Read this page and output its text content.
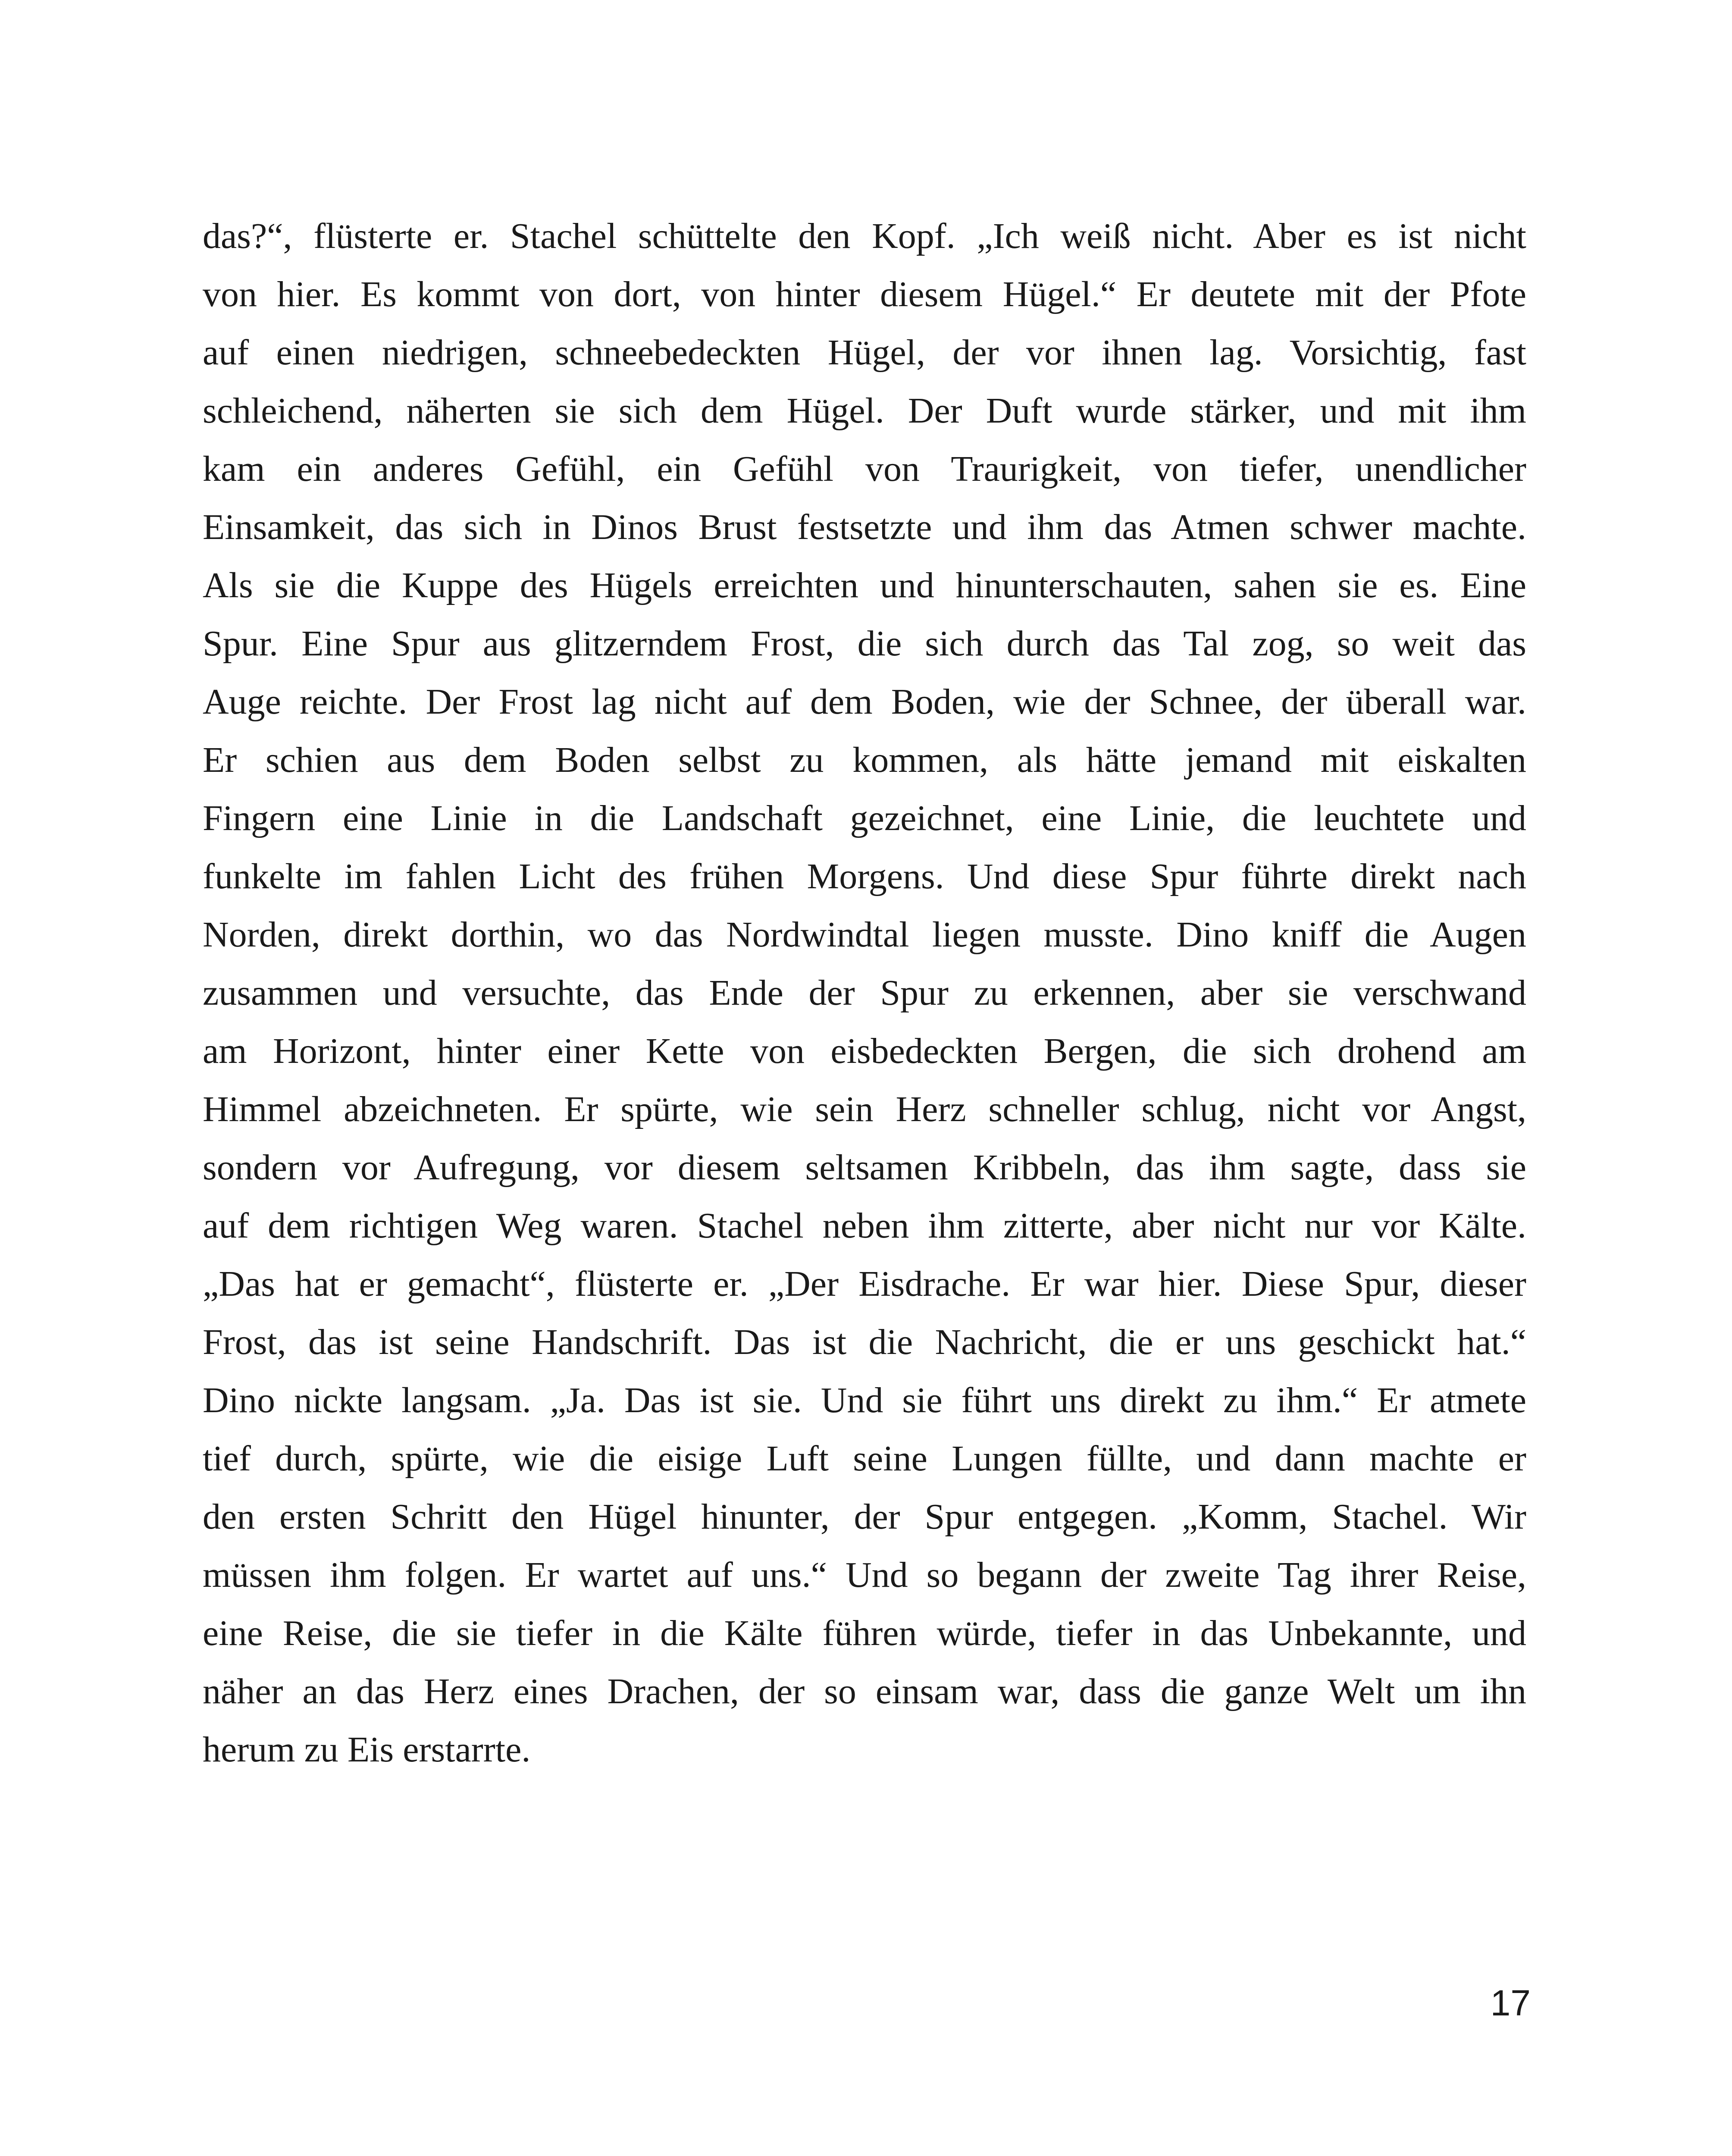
das?“, flüsterte er. Stachel schüttelte den Kopf. „Ich weiß nicht. Aber es ist nicht
von hier. Es kommt von dort, von hinter diesem Hügel.“ Er deutete mit der Pfote
auf einen niedrigen, schneebedeckten Hügel, der vor ihnen lag. Vorsichtig, fast
schleichend, näherten sie sich dem Hügel. Der Duft wurde stärker, und mit ihm
kam ein anderes Gefühl, ein Gefühl von Traurigkeit, von tiefer, unendlicher
Einsamkeit, das sich in Dinos Brust festsetzte und ihm das Atmen schwer machte.
Als sie die Kuppe des Hügels erreichten und hinunterschauten, sahen sie es. Eine
Spur. Eine Spur aus glitzerndem Frost, die sich durch das Tal zog, so weit das
Auge reichte. Der Frost lag nicht auf dem Boden, wie der Schnee, der überall war.
Er schien aus dem Boden selbst zu kommen, als hätte jemand mit eiskalten
Fingern eine Linie in die Landschaft gezeichnet, eine Linie, die leuchtete und
funkelte im fahlen Licht des frühen Morgens. Und diese Spur führte direkt nach
Norden, direkt dorthin, wo das Nordwindtal liegen musste. Dino kniff die Augen
zusammen und versuchte, das Ende der Spur zu erkennen, aber sie verschwand
am Horizont, hinter einer Kette von eisbedeckten Bergen, die sich drohend am
Himmel abzeichneten. Er spürte, wie sein Herz schneller schlug, nicht vor Angst,
sondern vor Aufregung, vor diesem seltsamen Kribbeln, das ihm sagte, dass sie
auf dem richtigen Weg waren. Stachel neben ihm zitterte, aber nicht nur vor Kälte.
„Das hat er gemacht“, flüsterte er. „Der Eisdrache. Er war hier. Diese Spur, dieser
Frost, das ist seine Handschrift. Das ist die Nachricht, die er uns geschickt hat.“
Dino nickte langsam. „Ja. Das ist sie. Und sie führt uns direkt zu ihm.“ Er atmete
tief durch, spürte, wie die eisige Luft seine Lungen füllte, und dann machte er
den ersten Schritt den Hügel hinunter, der Spur entgegen. „Komm, Stachel. Wir
müssen ihm folgen. Er wartet auf uns.“ Und so begann der zweite Tag ihrer Reise,
eine Reise, die sie tiefer in die Kälte führen würde, tiefer in das Unbekannte, und
näher an das Herz eines Drachen, der so einsam war, dass die ganze Welt um ihn
herum zu Eis erstarrte.
17
